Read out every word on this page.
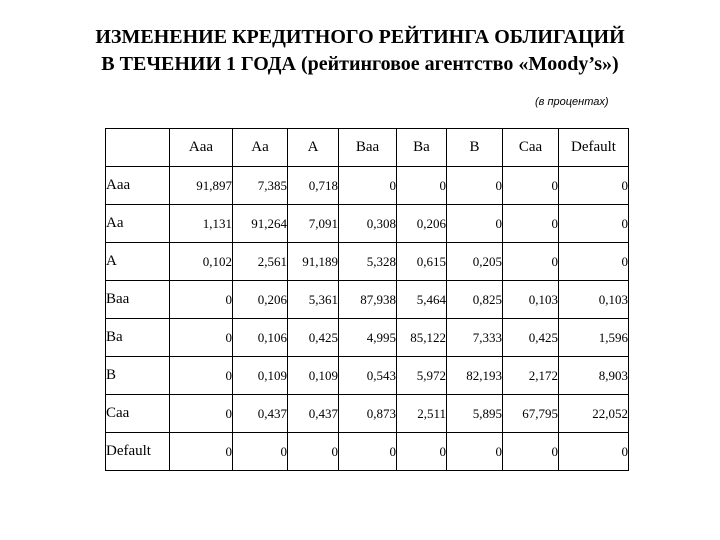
ИЗМЕНЕНИЕ КРЕДИТНОГО РЕЙТИНГА ОБЛИГАЦИЙ
В ТЕЧЕНИИ 1 ГОДА (рейтинговое агентство «Moody’s»)
(в процентах)
	Aaa	Aa	A	Baa	Ba	B	Caa	Default
Aaa	91,897	7,385	0,718	0	0	0	0	0
Aa	1,131	91,264	7,091	0,308	0,206	0	0	0
A	0,102	2,561	91,189	5,328	0,615	0,205	0	0
Baa	0	0,206	5,361	87,938	5,464	0,825	0,103	0,103
Ba	0	0,106	0,425	4,995	85,122	7,333	0,425	1,596
B	0	0,109	0,109	0,543	5,972	82,193	2,172	8,903
Caa	0	0,437	0,437	0,873	2,511	5,895	67,795	22,052
Default	0	0	0	0	0	0	0	0
